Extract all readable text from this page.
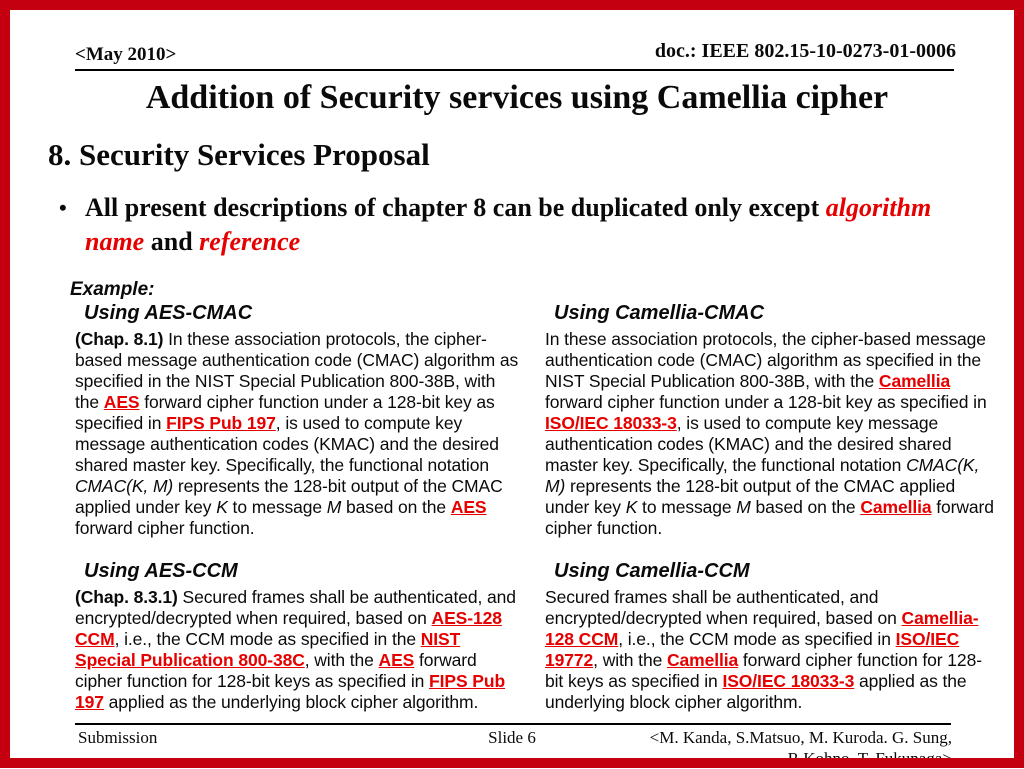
<May 2010>	doc.: IEEE 802.15-10-0273-01-0006
Addition of Security services using Camellia cipher
8. Security Services Proposal
• All present descriptions of chapter 8 can be duplicated only except algorithm name and reference
Example:
Using AES-CMAC
(Chap. 8.1) In these association protocols, the cipher-based message authentication code (CMAC) algorithm as specified in the NIST Special Publication 800-38B, with the AES forward cipher function under a 128-bit key as specified in FIPS Pub 197, is used to compute key message authentication codes (KMAC) and the desired shared master key. Specifically, the functional notation CMAC(K, M) represents the 128-bit output of the CMAC applied under key K to message M based on the AES forward cipher function.
Using Camellia-CMAC
In these association protocols, the cipher-based message authentication code (CMAC) algorithm as specified in the NIST Special Publication 800-38B, with the Camellia forward cipher function under a 128-bit key as specified in ISO/IEC 18033-3, is used to compute key message authentication codes (KMAC) and the desired shared master key. Specifically, the functional notation CMAC(K, M) represents the 128-bit output of the CMAC applied under key K to message M based on the Camellia forward cipher function.
Using AES-CCM
(Chap. 8.3.1) Secured frames shall be authenticated, and encrypted/decrypted when required, based on AES-128 CCM, i.e., the CCM mode as specified in the NIST Special Publication 800-38C, with the AES forward cipher function for 128-bit keys as specified in FIPS Pub 197 applied as the underlying block cipher algorithm.
Using Camellia-CCM
Secured frames shall be authenticated, and encrypted/decrypted when required, based on Camellia-128 CCM, i.e., the CCM mode as specified in ISO/IEC 19772, with the Camellia forward cipher function for 128-bit keys as specified in ISO/IEC 18033-3 applied as the underlying block cipher algorithm.
Submission	Slide 6	<M. Kanda, S.Matsuo, M. Kuroda. G. Sung,
R.Kohno, T. Fukunaga>
